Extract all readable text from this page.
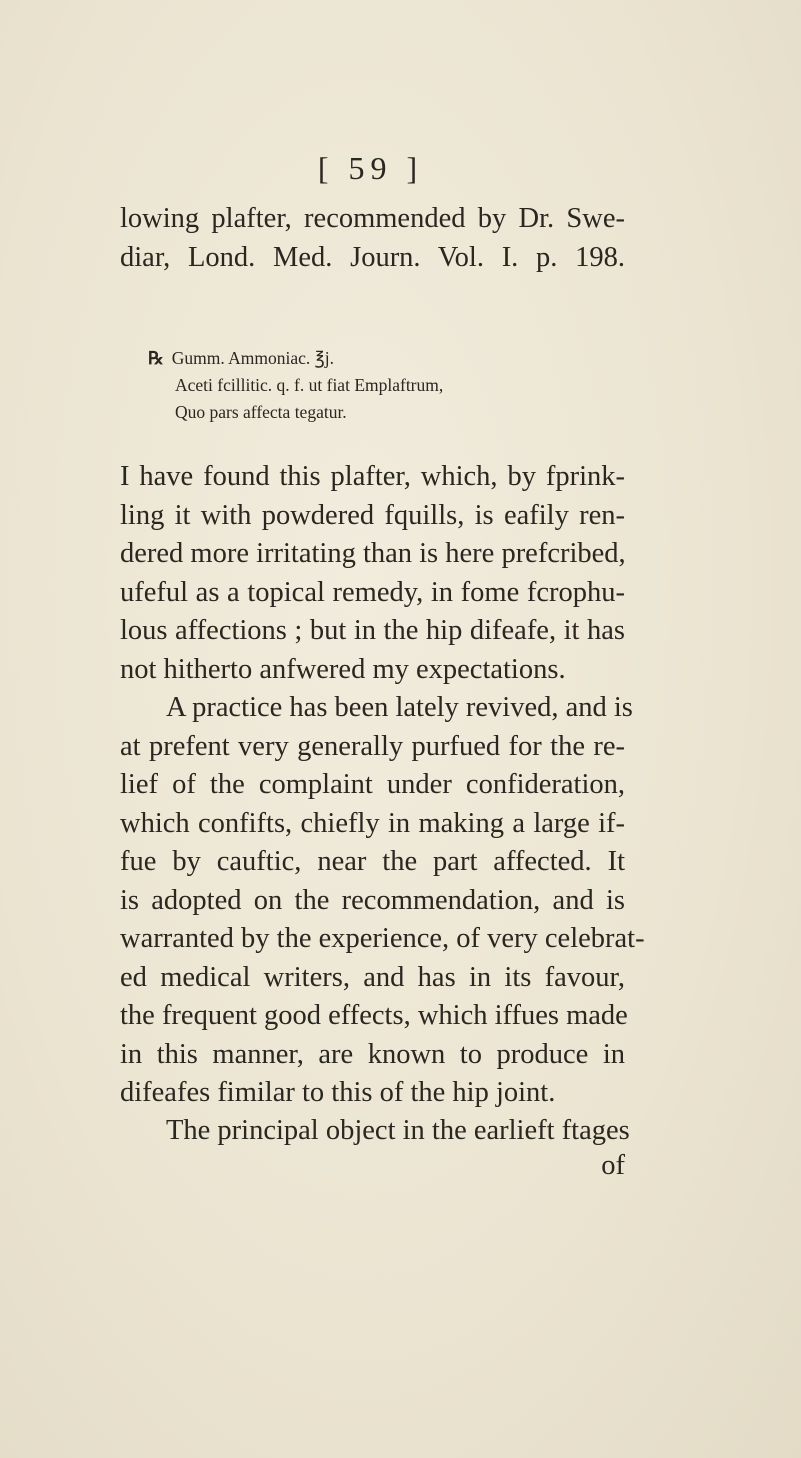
[ 59 ]
lowing plafter, recommended by Dr. Swe-
diar, Lond. Med. Journ. Vol. I. p. 198.
℞ Gumm. Ammoniac. ℥j.
Aceti fcillitic. q. f. ut fiat Emplaftrum,
Quo pars affecta tegatur.
I have found this plafter, which, by fprink-
ling it with powdered fquills, is eafily ren-
dered more irritating than is here prefcribed,
ufeful as a topical remedy, in fome fcrophu-
lous affections ; but in the hip difeafe, it has
not hitherto anfwered my expectations.
A practice has been lately revived, and is
at prefent very generally purfued for the re-
lief of the complaint under confideration,
which confifts, chiefly in making a large if-
fue by cauftic, near the part affected. It
is adopted on the recommendation, and is
warranted by the experience, of very celebrat-
ed medical writers, and has in its favour,
the frequent good effects, which iffues made
in this manner, are known to produce in
difeafes fimilar to this of the hip joint.
The principal object in the earlieft ftages
of
